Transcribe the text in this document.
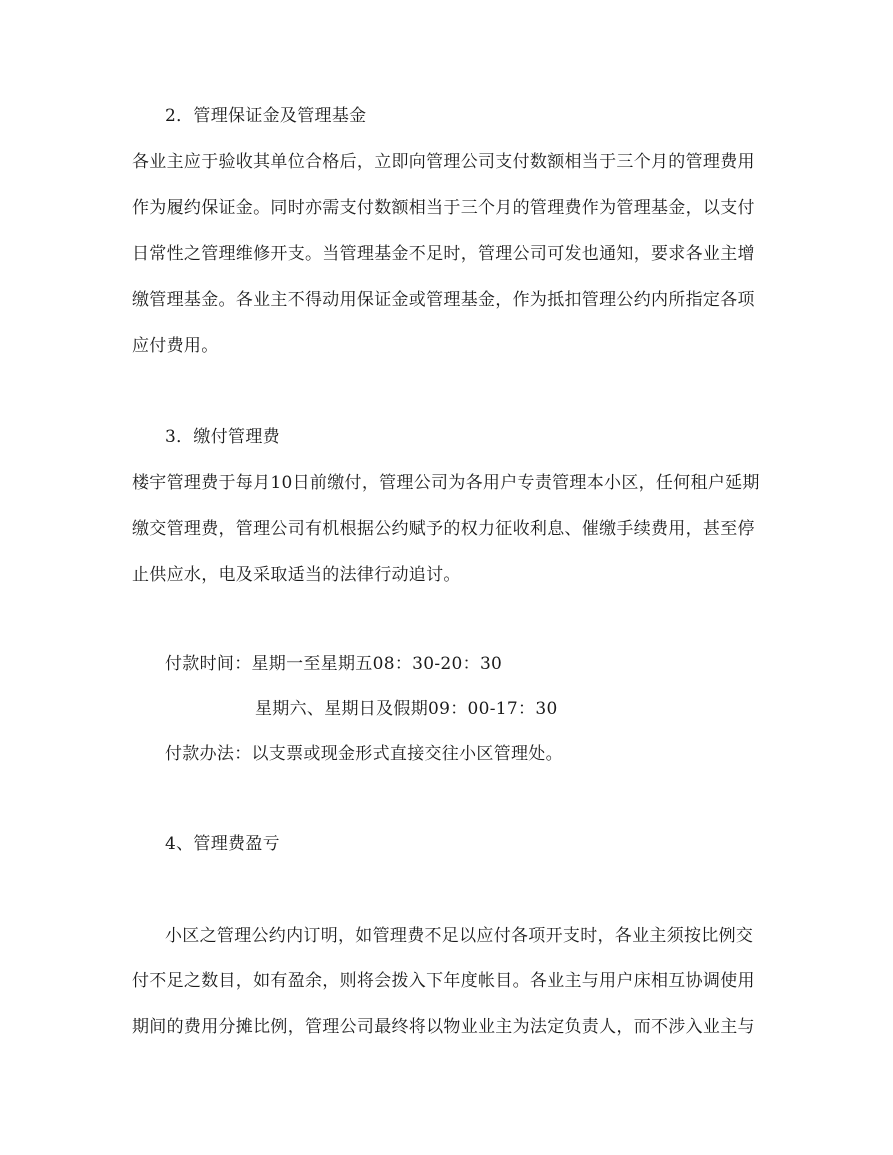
2．管理保证金及管理基金
各业主应于验收其单位合格后，立即向管理公司支付数额相当于三个月的管理费用
作为履约保证金。同时亦需支付数额相当于三个月的管理费作为管理基金，以支付
日常性之管理维修开支。当管理基金不足时，管理公司可发也通知，要求各业主增
缴管理基金。各业主不得动用保证金或管理基金，作为抵扣管理公约内所指定各项
应付费用。
3．缴付管理费
楼宇管理费于每月10日前缴付，管理公司为各用户专责管理本小区，任何租户延期
缴交管理费，管理公司有机根据公约赋予的权力征收利息、催缴手续费用，甚至停
止供应水，电及采取适当的法律行动追讨。
付款时间：星期一至星期五08：30-20：30
星期六、星期日及假期09：00-17：30
付款办法：以支票或现金形式直接交往小区管理处。
4、管理费盈亏
小区之管理公约内订明，如管理费不足以应付各项开支时，各业主须按比例交
付不足之数目，如有盈余，则将会拨入下年度帐目。各业主与用户床相互协调使用
期间的费用分摊比例，管理公司最终将以物业业主为法定负责人，而不涉入业主与
